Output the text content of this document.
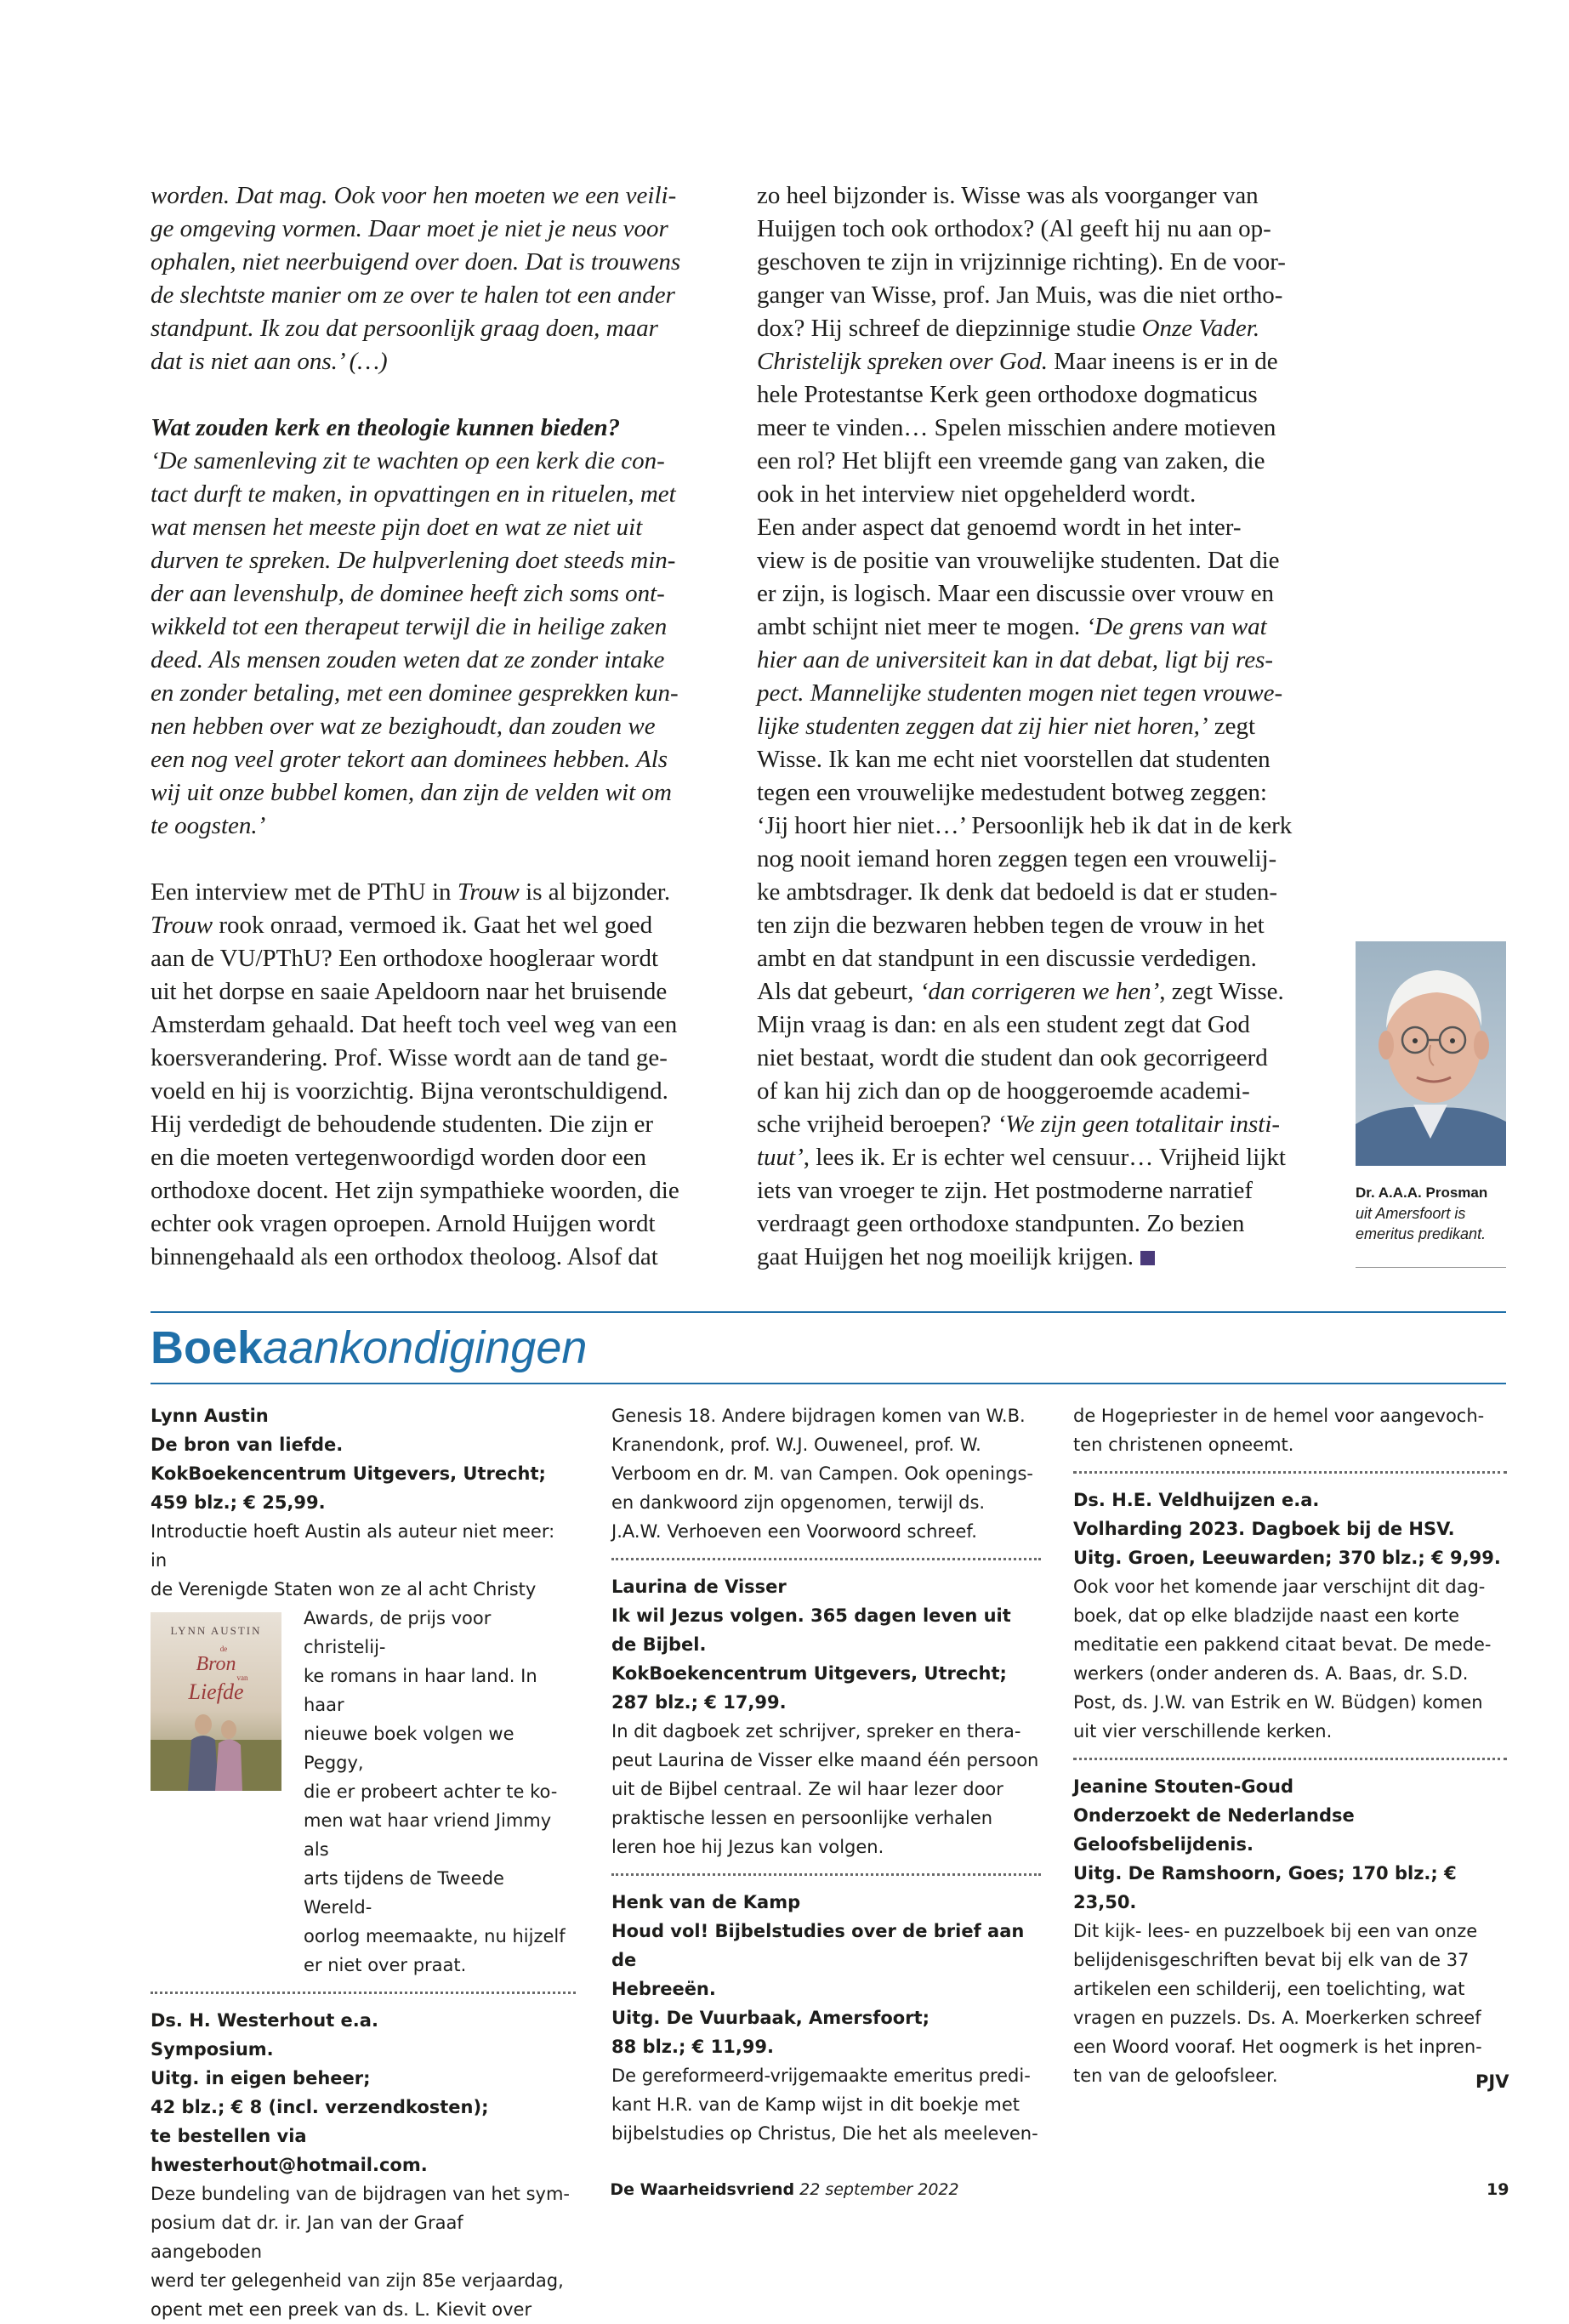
worden. Dat mag. Ook voor hen moeten we een veili-

ge omgeving vormen. Daar moet je niet je neus voor

ophalen, niet neerbuigend over doen. Dat is trouwens

de slechtste manier om ze over te halen tot een ander

standpunt. Ik zou dat persoonlijk graag doen, maar

dat is niet aan ons.’ (…)

Wat zouden kerk en theologie kunnen bieden?

‘De samenleving zit te wachten op een kerk die con-

tact durft te maken, in opvattingen en in rituelen, met

wat mensen het meeste pijn doet en wat ze niet uit

durven te spreken. De hulpverlening doet steeds min-

der aan levenshulp, de dominee heeft zich soms ont-

wikkeld tot een therapeut terwijl die in heilige zaken

deed. Als mensen zouden weten dat ze zonder intake

en zonder betaling, met een dominee gesprekken kun-

nen hebben over wat ze bezighoudt, dan zouden we

een nog veel groter tekort aan dominees hebben. Als

wij uit onze bubbel komen, dan zijn de velden wit om

te oogsten.’

Een interview met de PThU in Trouw is al bijzonder.

Trouw rook onraad, vermoed ik. Gaat het wel goed

aan de VU/PThU? Een orthodoxe hoogleraar wordt

uit het dorpse en saaie Apeldoorn naar het bruisende

Amsterdam gehaald. Dat heeft toch veel weg van een

koersverandering. Prof. Wisse wordt aan de tand ge-

voeld en hij is voorzichtig. Bijna verontschuldigend.

Hij verdedigt de behoudende studenten. Die zijn er

en die moeten vertegenwoordigd worden door een

orthodoxe docent. Het zijn sympathieke woorden, die

echter ook vragen oproepen. Arnold Huijgen wordt

binnengehaald als een orthodox theoloog. Alsof dat

zo heel bijzonder is. Wisse was als voorganger van

Huijgen toch ook orthodox? (Al geeft hij nu aan op-

geschoven te zijn in vrijzinnige richting). En de voor-

ganger van Wisse, prof. Jan Muis, was die niet ortho-

dox? Hij schreef de diepzinnige studie Onze Vader.

Christelijk spreken over God. Maar ineens is er in de

hele Protestantse Kerk geen orthodoxe dogmaticus

meer te vinden… Spelen misschien andere motieven

een rol? Het blijft een vreemde gang van zaken, die

ook in het interview niet opgehelderd wordt.

Een ander aspect dat genoemd wordt in het inter-

view is de positie van vrouwelijke studenten. Dat die

er zijn, is logisch. Maar een discussie over vrouw en

ambt schijnt niet meer te mogen. ‘De grens van wat

hier aan de universiteit kan in dat debat, ligt bij res-

pect. Mannelijke studenten mogen niet tegen vrouwe-

lijke studenten zeggen dat zij hier niet horen,’ zegt

Wisse. Ik kan me echt niet voorstellen dat studenten

tegen een vrouwelijke medestudent botweg zeggen:

‘Jij hoort hier niet…’ Persoonlijk heb ik dat in de kerk

nog nooit iemand horen zeggen tegen een vrouwelij-

ke ambtsdrager. Ik denk dat bedoeld is dat er studen-

ten zijn die bezwaren hebben tegen de vrouw in het

ambt en dat standpunt in een discussie verdedigen.

Als dat gebeurt, ‘dan corrigeren we hen’, zegt Wisse.

Mijn vraag is dan: en als een student zegt dat God

niet bestaat, wordt die student dan ook gecorrigeerd

of kan hij zich dan op de hooggeroemde academi-

sche vrijheid beroepen? ‘We zijn geen totalitair insti-

tuut’, lees ik. Er is echter wel censuur… Vrijheid lijkt

iets van vroeger te zijn. Het postmoderne narratief

verdraagt geen orthodoxe standpunten. Zo bezien

gaat Huijgen het nog moeilijk krijgen.

Dr. A.A.A. Prosman
uit Amersfoort is
emeritus predikant.
Boekaankondigingen

Lynn Austin

De bron van liefde.

KokBoekencentrum Uitgevers, Utrecht;

459 blz.; € 25,99.

Introductie hoeft Austin als auteur niet meer: in

de Verenigde Staten won ze al acht Christy

LYNN AUSTIN
de
Bron
van
Liefde

Awards, de prijs voor christelij-

ke romans in haar land. In haar

nieuwe boek volgen we Peggy,

die er probeert achter te ko-

men wat haar vriend Jimmy als

arts tijdens de Tweede Wereld-

oorlog meemaakte, nu hijzelf

er niet over praat.

Ds. H. Westerhout e.a.

Symposium.

Uitg. in eigen beheer;

42 blz.; € 8 (incl. verzendkosten);

te bestellen via hwesterhout@hotmail.com.

Deze bundeling van de bijdragen van het sym-

posium dat dr. ir. Jan van der Graaf aangeboden

werd ter gelegenheid van zijn 85e verjaardag,

opent met een preek van ds. L. Kievit over

Genesis 18. Andere bijdragen komen van W.B.

Kranendonk, prof. W.J. Ouweneel, prof. W.

Verboom en dr. M. van Campen. Ook openings-

en dankwoord zijn opgenomen, terwijl ds.

J.A.W. Verhoeven een Voorwoord schreef.

Laurina de Visser

Ik wil Jezus volgen. 365 dagen leven uit de Bijbel.

KokBoekencentrum Uitgevers, Utrecht;

287 blz.; € 17,99.

In dit dagboek zet schrijver, spreker en thera-

peut Laurina de Visser elke maand één persoon

uit de Bijbel centraal. Ze wil haar lezer door

praktische lessen en persoonlijke verhalen

leren hoe hij Jezus kan volgen.

Henk van de Kamp

Houd vol! Bijbelstudies over de brief aan de

Hebreeën.

Uitg. De Vuurbaak, Amersfoort;

88 blz.; € 11,99.

De gereformeerd-vrijgemaakte emeritus predi-

kant H.R. van de Kamp wijst in dit boekje met

bijbelstudies op Christus, Die het als meeleven-

de Hogepriester in de hemel voor aangevoch-

ten christenen opneemt.

Ds. H.E. Veldhuijzen e.a.

Volharding 2023. Dagboek bij de HSV.

Uitg. Groen, Leeuwarden; 370 blz.; € 9,99.

Ook voor het komende jaar verschijnt dit dag-

boek, dat op elke bladzijde naast een korte

meditatie een pakkend citaat bevat. De mede-

werkers (onder anderen ds. A. Baas, dr. S.D.

Post, ds. J.W. van Estrik en W. Büdgen) komen

uit vier verschillende kerken.

Jeanine Stouten-Goud

Onderzoekt de Nederlandse

Geloofsbelijdenis.

Uitg. De Ramshoorn, Goes; 170 blz.; € 23,50.

Dit kijk- lees- en puzzelboek bij een van onze

belijdenisgeschriften bevat bij elk van de 37

artikelen een schilderij, een toelichting, wat

vragen en puzzels. Ds. A. Moerkerken schreef

een Woord vooraf. Het oogmerk is het inpren-

ten van de geloofsleer.	PJV
De Waarheidsvriend 22 september 2022	19
